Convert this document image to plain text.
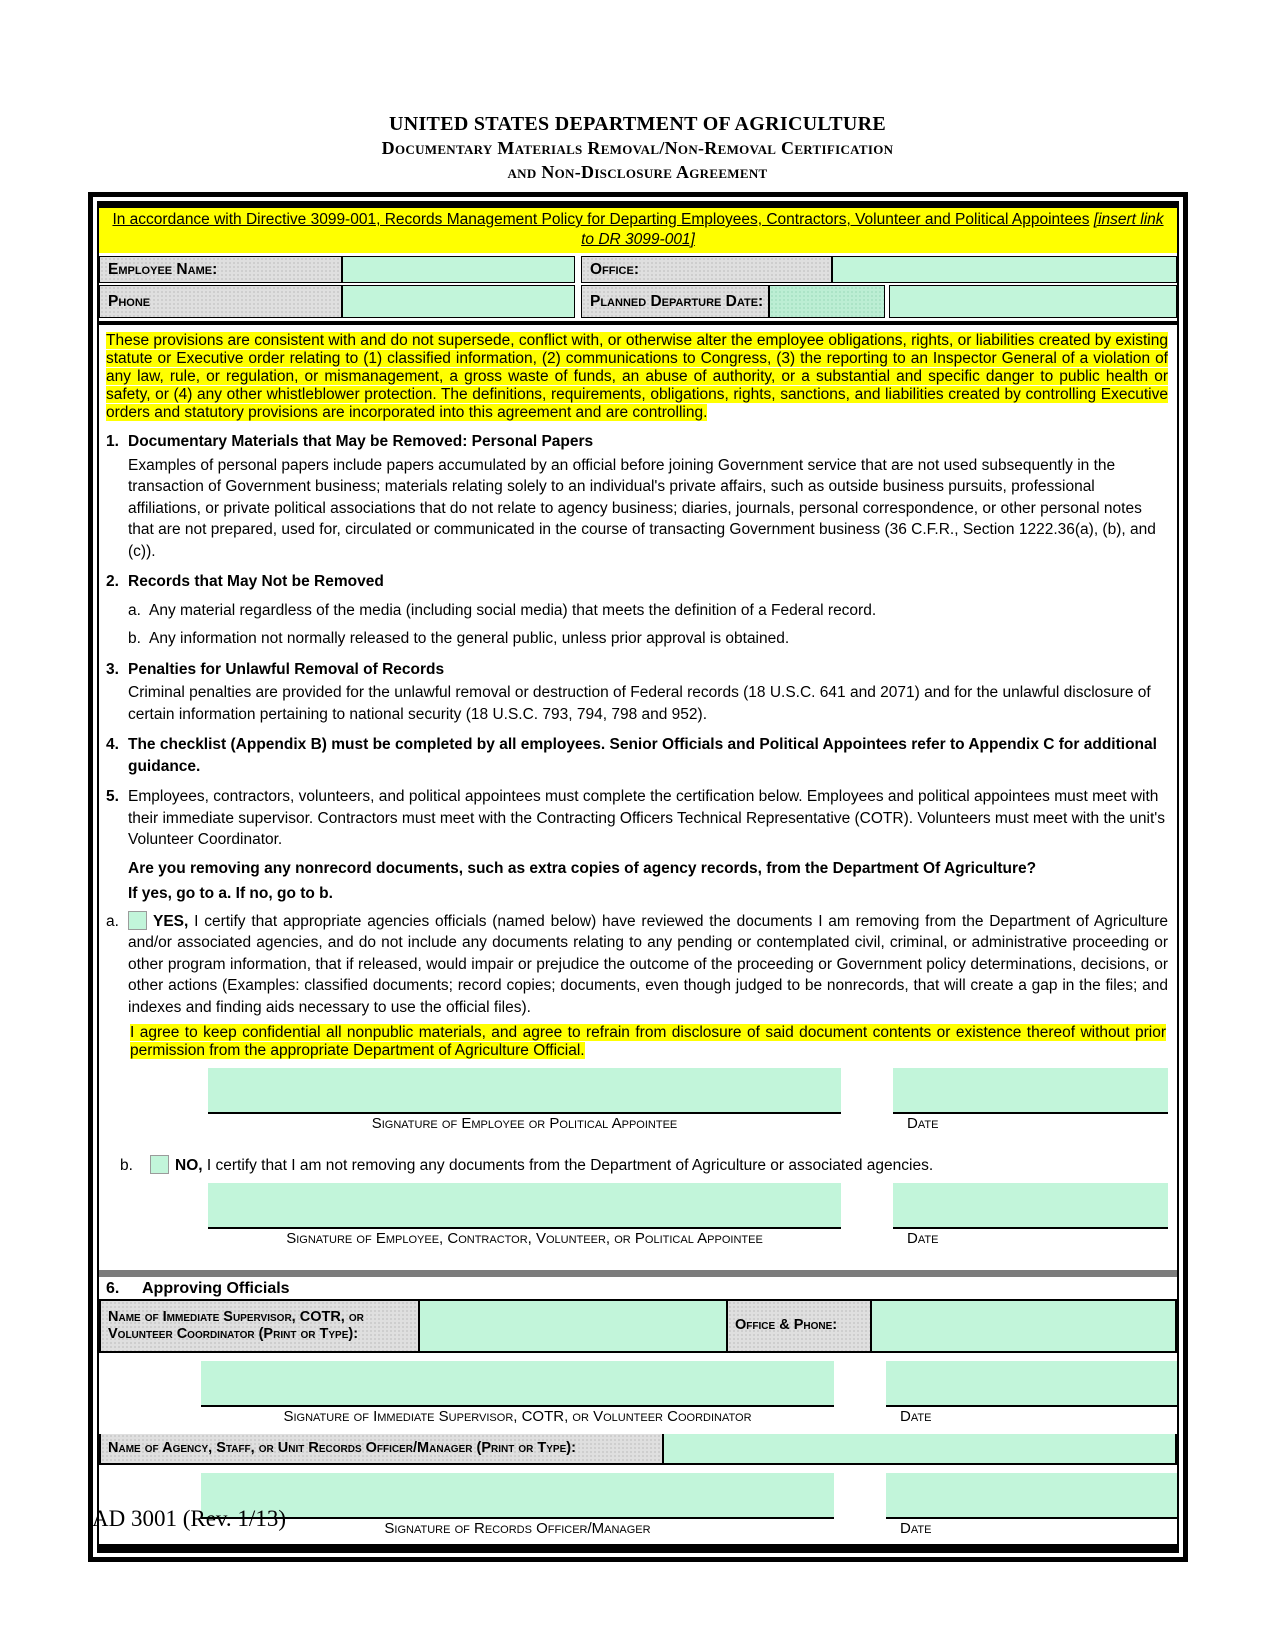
UNITED STATES DEPARTMENT OF AGRICULTURE
Documentary Materials Removal/Non-Removal Certification
and Non-Disclosure Agreement
In accordance with Directive 3099-001, Records Management Policy for Departing Employees, Contractors, Volunteer and Political Appointees [insert link to DR 3099-001]
Employee Name:	Office:
Phone	Planned Departure Date:
These provisions are consistent with and do not supersede, conflict with, or otherwise alter the employee obligations, rights, or liabilities created by existing statute or Executive order relating to (1) classified information, (2) communications to Congress, (3) the reporting to an Inspector General of a violation of any law, rule, or regulation, or mismanagement, a gross waste of funds, an abuse of authority, or a substantial and specific danger to public health or safety, or (4) any other whistleblower protection. The definitions, requirements, obligations, rights, sanctions, and liabilities created by controlling Executive orders and statutory provisions are incorporated into this agreement and are controlling.
1. Documentary Materials that May be Removed: Personal Papers
Examples of personal papers include papers accumulated by an official before joining Government service that are not used subsequently in the transaction of Government business; materials relating solely to an individual's private affairs, such as outside business pursuits, professional affiliations, or private political associations that do not relate to agency business; diaries, journals, personal correspondence, or other personal notes that are not prepared, used for, circulated or communicated in the course of transacting Government business (36 C.F.R., Section 1222.36(a), (b), and (c)).
2. Records that May Not be Removed
a. Any material regardless of the media (including social media) that meets the definition of a Federal record.
b. Any information not normally released to the general public, unless prior approval is obtained.
3. Penalties for Unlawful Removal of Records
Criminal penalties are provided for the unlawful removal or destruction of Federal records (18 U.S.C. 641 and 2071) and for the unlawful disclosure of certain information pertaining to national security (18 U.S.C. 793, 794, 798 and 952).
4. The checklist (Appendix B) must be completed by all employees. Senior Officials and Political Appointees refer to Appendix C for additional guidance.
5. Employees, contractors, volunteers, and political appointees must complete the certification below. Employees and political appointees must meet with their immediate supervisor. Contractors must meet with the Contracting Officers Technical Representative (COTR). Volunteers must meet with the unit's Volunteer Coordinator.
Are you removing any nonrecord documents, such as extra copies of agency records, from the Department Of Agriculture?
If yes, go to a. If no, go to b.
a.	YES, I certify that appropriate agencies officials (named below) have reviewed the documents I am removing from the Department of Agriculture and/or associated agencies, and do not include any documents relating to any pending or contemplated civil, criminal, or administrative proceeding or other program information, that if released, would impair or prejudice the outcome of the proceeding or Government policy determinations, decisions, or other actions (Examples: classified documents; record copies; documents, even though judged to be nonrecords, that will create a gap in the files; and indexes and finding aids necessary to use the official files).
I agree to keep confidential all nonpublic materials, and agree to refrain from disclosure of said document contents or existence thereof without prior permission from the appropriate Department of Agriculture Official.
Signature of Employee or Political Appointee	Date
b.	NO, I certify that I am not removing any documents from the Department of Agriculture or associated agencies.
Signature of Employee, Contractor, Volunteer, or Political Appointee	Date
6.	Approving Officials
Name of Immediate Supervisor, COTR, or Volunteer Coordinator (Print or Type):
Office & Phone:
Signature of Immediate Supervisor, COTR, or Volunteer Coordinator	Date
Name of Agency, Staff, or Unit Records Officer/Manager (Print or Type):
Signature of Records Officer/Manager	Date
AD 3001 (Rev. 1/13)
